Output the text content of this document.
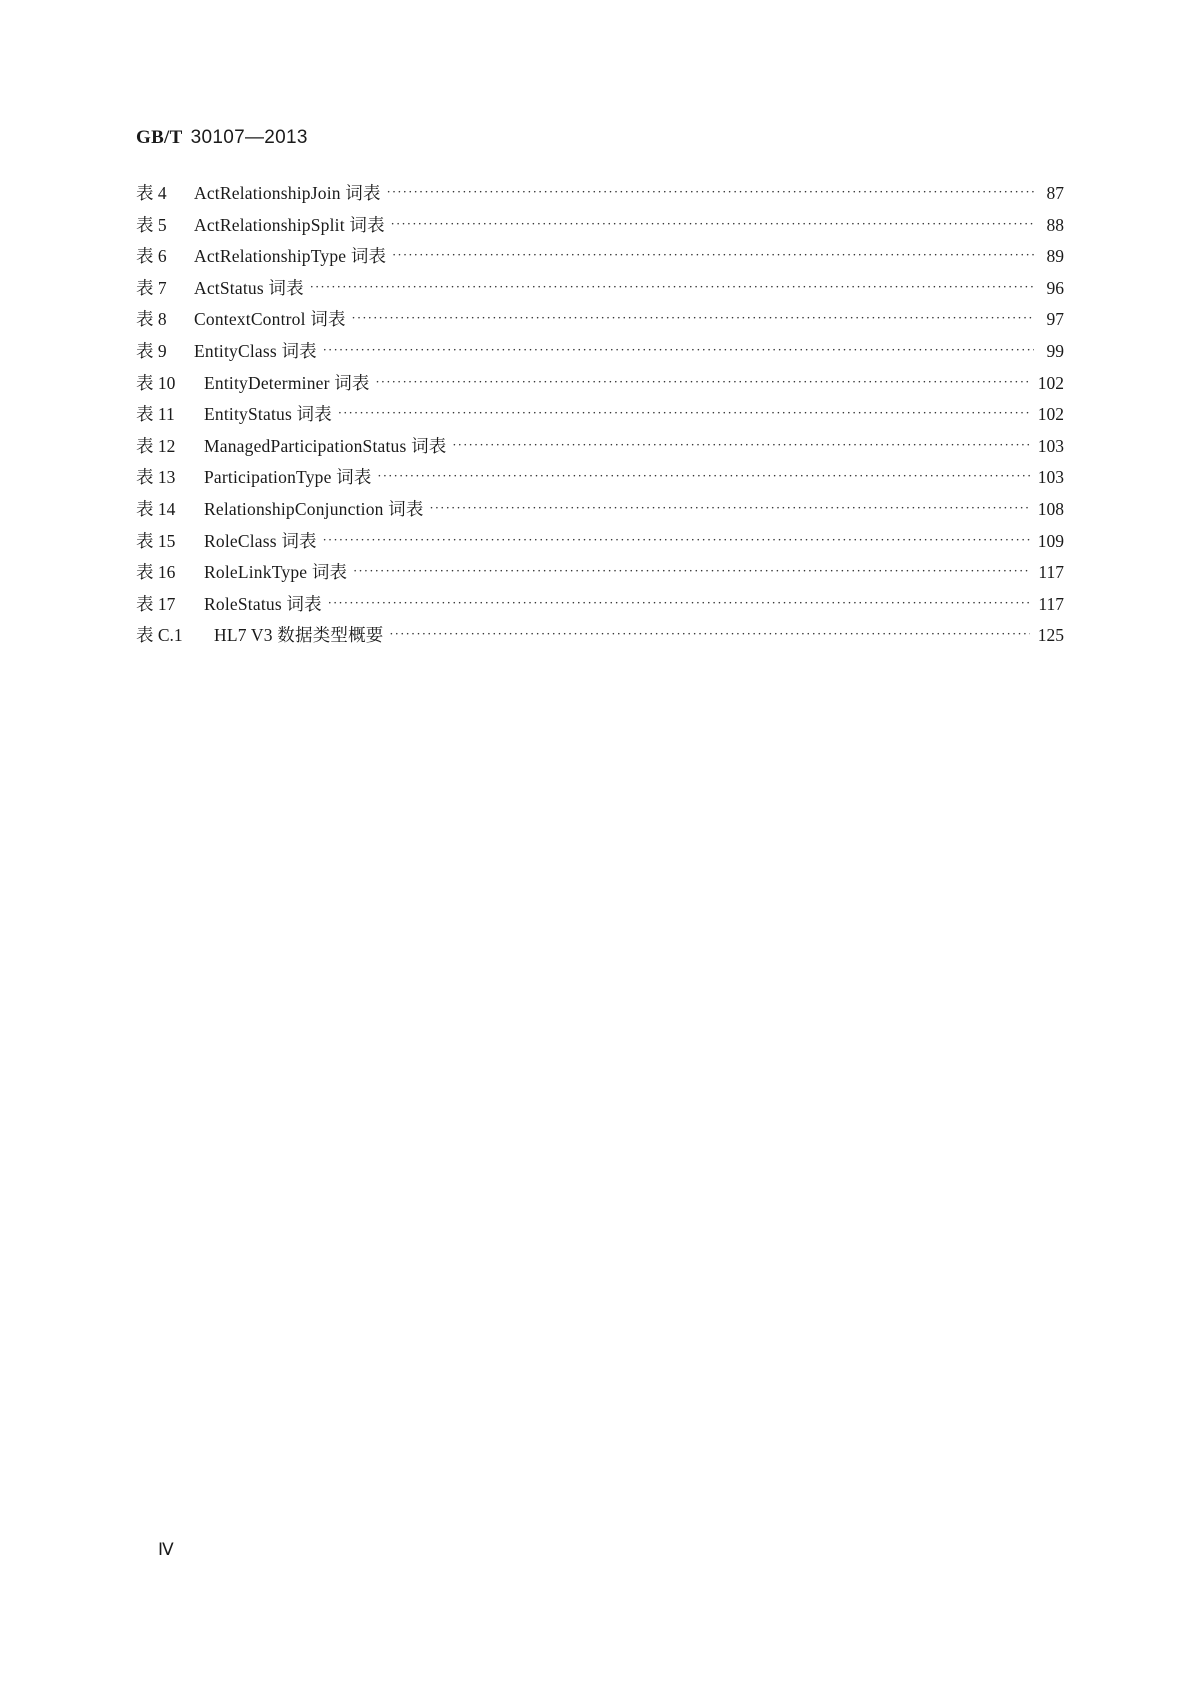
GB/T 30107—2013
表 4	ActRelationshipJoin 词表 ·····	87
表 5	ActRelationshipSplit 词表 ·····	88
表 6	ActRelationshipType 词表 ·····	89
表 7	ActStatus 词表 ·····	96
表 8	ContextControl 词表 ·····	97
表 9	EntityClass 词表 ·····	99
表 10	EntityDeterminer 词表 ·····	102
表 11	EntityStatus 词表 ·····	102
表 12	ManagedParticipationStatus 词表 ·····	103
表 13	ParticipationType 词表 ·····	103
表 14	RelationshipConjunction 词表 ·····	108
表 15	RoleClass 词表 ·····	109
表 16	RoleLinkType 词表 ·····	117
表 17	RoleStatus 词表 ·····	117
表 C.1	HL7 V3 数据类型概要 ·····	125
Ⅳ
